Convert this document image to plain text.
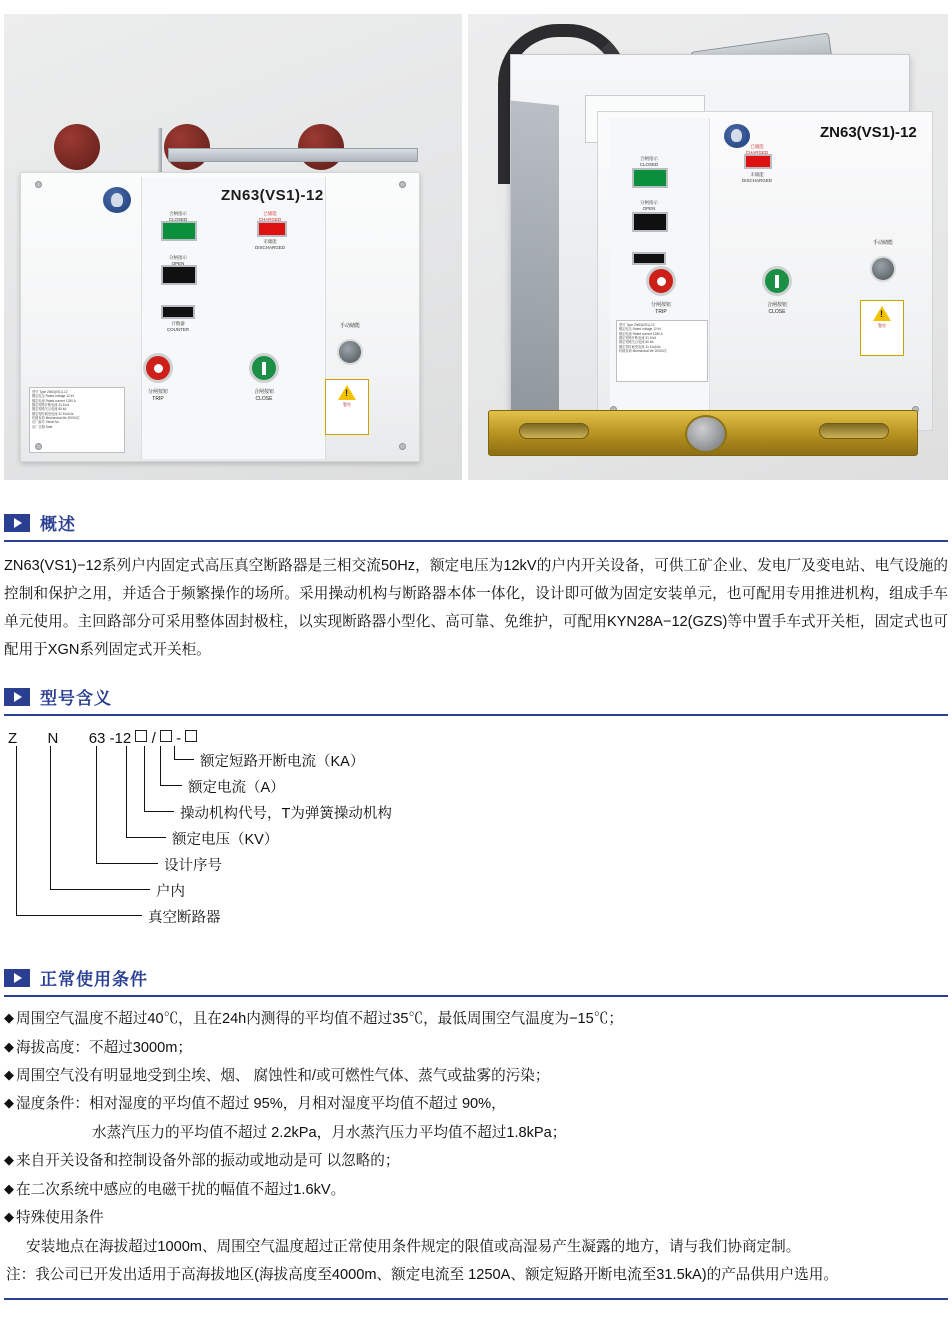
ZN63(VS1)-12
合闸指示
CLOSED
分闸指示
OPEN
计数器
COUNTER
已储能
CHARGED
未储能
DISCHARGED
分闸按钮
TRIP
合闸按钮
CLOSE
手动储能
型号 Type ZN63(VS1)-12
额定电压 Rated voltage 12 kV
额定电流 Rated current 1250 A
额定短路开断电流 31.5 kA
额定短路关合电流 80 kA
额定短时耐受电流 31.5 kA/4s
机械寿命 Mechanical life 20000次
出厂编号 Serial No.
出厂日期 Date
!
警告
ZN63(VS1)-12
合闸指示
CLOSED
分闸指示
OPEN
已储能
CHARGED
未储能
DISCHARGED
分闸按钮
TRIP
合闸按钮
CLOSE
手动储能
型号 Type ZN63(VS1)-12
额定电压 Rated voltage 12 kV
额定电流 Rated current 1250 A
额定短路开断电流 31.5 kA
额定短路关合电流 80 kA
额定短时耐受电流 31.5 kA/4s
机械寿命 Mechanical life 20000次
!
警告
概述
ZN63(VS1)−12系列户内固定式高压真空断路器是三相交流50Hz，额定电压为12kV的户内开关设备，可供工矿企业、发电厂及变电站、电气设施的控制和保护之用，并适合于频繁操作的场所。采用操动机构与断路器本体一体化，设计即可做为固定安装单元，也可配用专用推进机构，组成手车单元使用。主回路部分可采用整体固封极柱，以实现断路器小型化、高可靠、免维护，可配用KYN28A−12(GZS)等中置手车式开关柜，固定式也可配用于XGN系列固定式开关柜。
型号含义
Z N 63 -12 / -
额定短路开断电流（KA）
额定电流（A）
操动机构代号，T为弹簧操动机构
额定电压（KV）
设计序号
户内
真空断路器
正常使用条件
◆ 周围空气温度不超过40℃，且在24h内测得的平均值不超过35℃，最低周围空气温度为−15℃；
◆ 海拔高度：不超过3000m；
◆ 周围空气没有明显地受到尘埃、烟、 腐蚀性和/或可燃性气体、蒸气或盐雾的污染；
◆ 湿度条件：相对湿度的平均值不超过 95%，月相对湿度平均值不超过 90%，
水蒸汽压力的平均值不超过 2.2kPa，月水蒸汽压力平均值不超过1.8kPa；
◆ 来自开关设备和控制设备外部的振动或地动是可 以忽略的；
◆ 在二次系统中感应的电磁干扰的幅值不超过1.6kV。
◆ 特殊使用条件
安装地点在海拔超过1000m、周围空气温度超过正常使用条件规定的限值或高湿易产生凝露的地方，请与我们协商定制。
注：我公司已开发出适用于高海拔地区(海拔高度至4000m、额定电流至 1250A、额定短路开断电流至31.5kA)的产品供用户选用。
